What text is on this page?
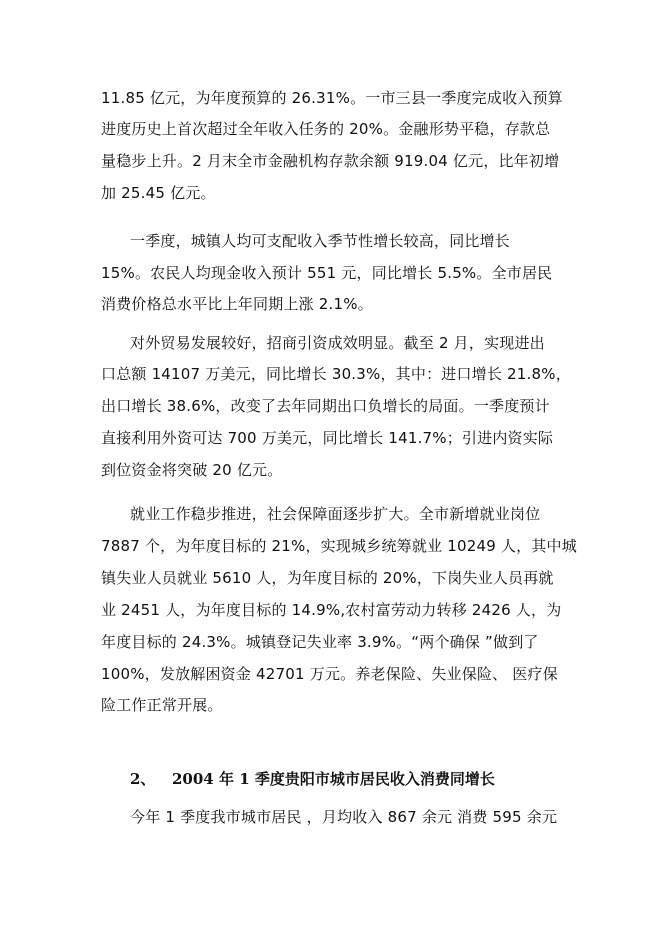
11.85 亿元，为年度预算的 26.31%。一市三县一季度完成收入预算
进度历史上首次超过全年收入任务的 20%。金融形势平稳，存款总
量稳步上升。2 月末全市金融机构存款余额 919.04 亿元，比年初增
加 25.45 亿元。
一季度，城镇人均可支配收入季节性增长较高，同比增长
15%。农民人均现金收入预计 551 元，同比增长 5.5%。全市居民
消费价格总水平比上年同期上涨 2.1%。
对外贸易发展较好，招商引资成效明显。截至 2 月，实现进出
口总额 14107 万美元，同比增长 30.3%，其中：进口增长 21.8%，
出口增长 38.6%，改变了去年同期出口负增长的局面。一季度预计
直接利用外资可达 700 万美元，同比增长 141.7%；引进内资实际
到位资金将突破 20 亿元。
就业工作稳步推进，社会保障面逐步扩大。全市新增就业岗位
7887 个，为年度目标的 21%，实现城乡统筹就业 10249 人，其中城
镇失业人员就业 5610 人，为年度目标的 20%，下岗失业人员再就
业 2451 人，为年度目标的 14.9%,农村富劳动力转移 2426 人，为
年度目标的 24.3%。城镇登记失业率 3.9%。“两个确保 ”做到了
100%，发放解困资金 42701 万元。养老保险、失业保险、 医疗保
险工作正常开展。
2、 2004 年 1 季度贵阳市城市居民收入消费同增长
今年 1 季度我市城市居民 ，月均收入 867 余元 消费 595 余元
